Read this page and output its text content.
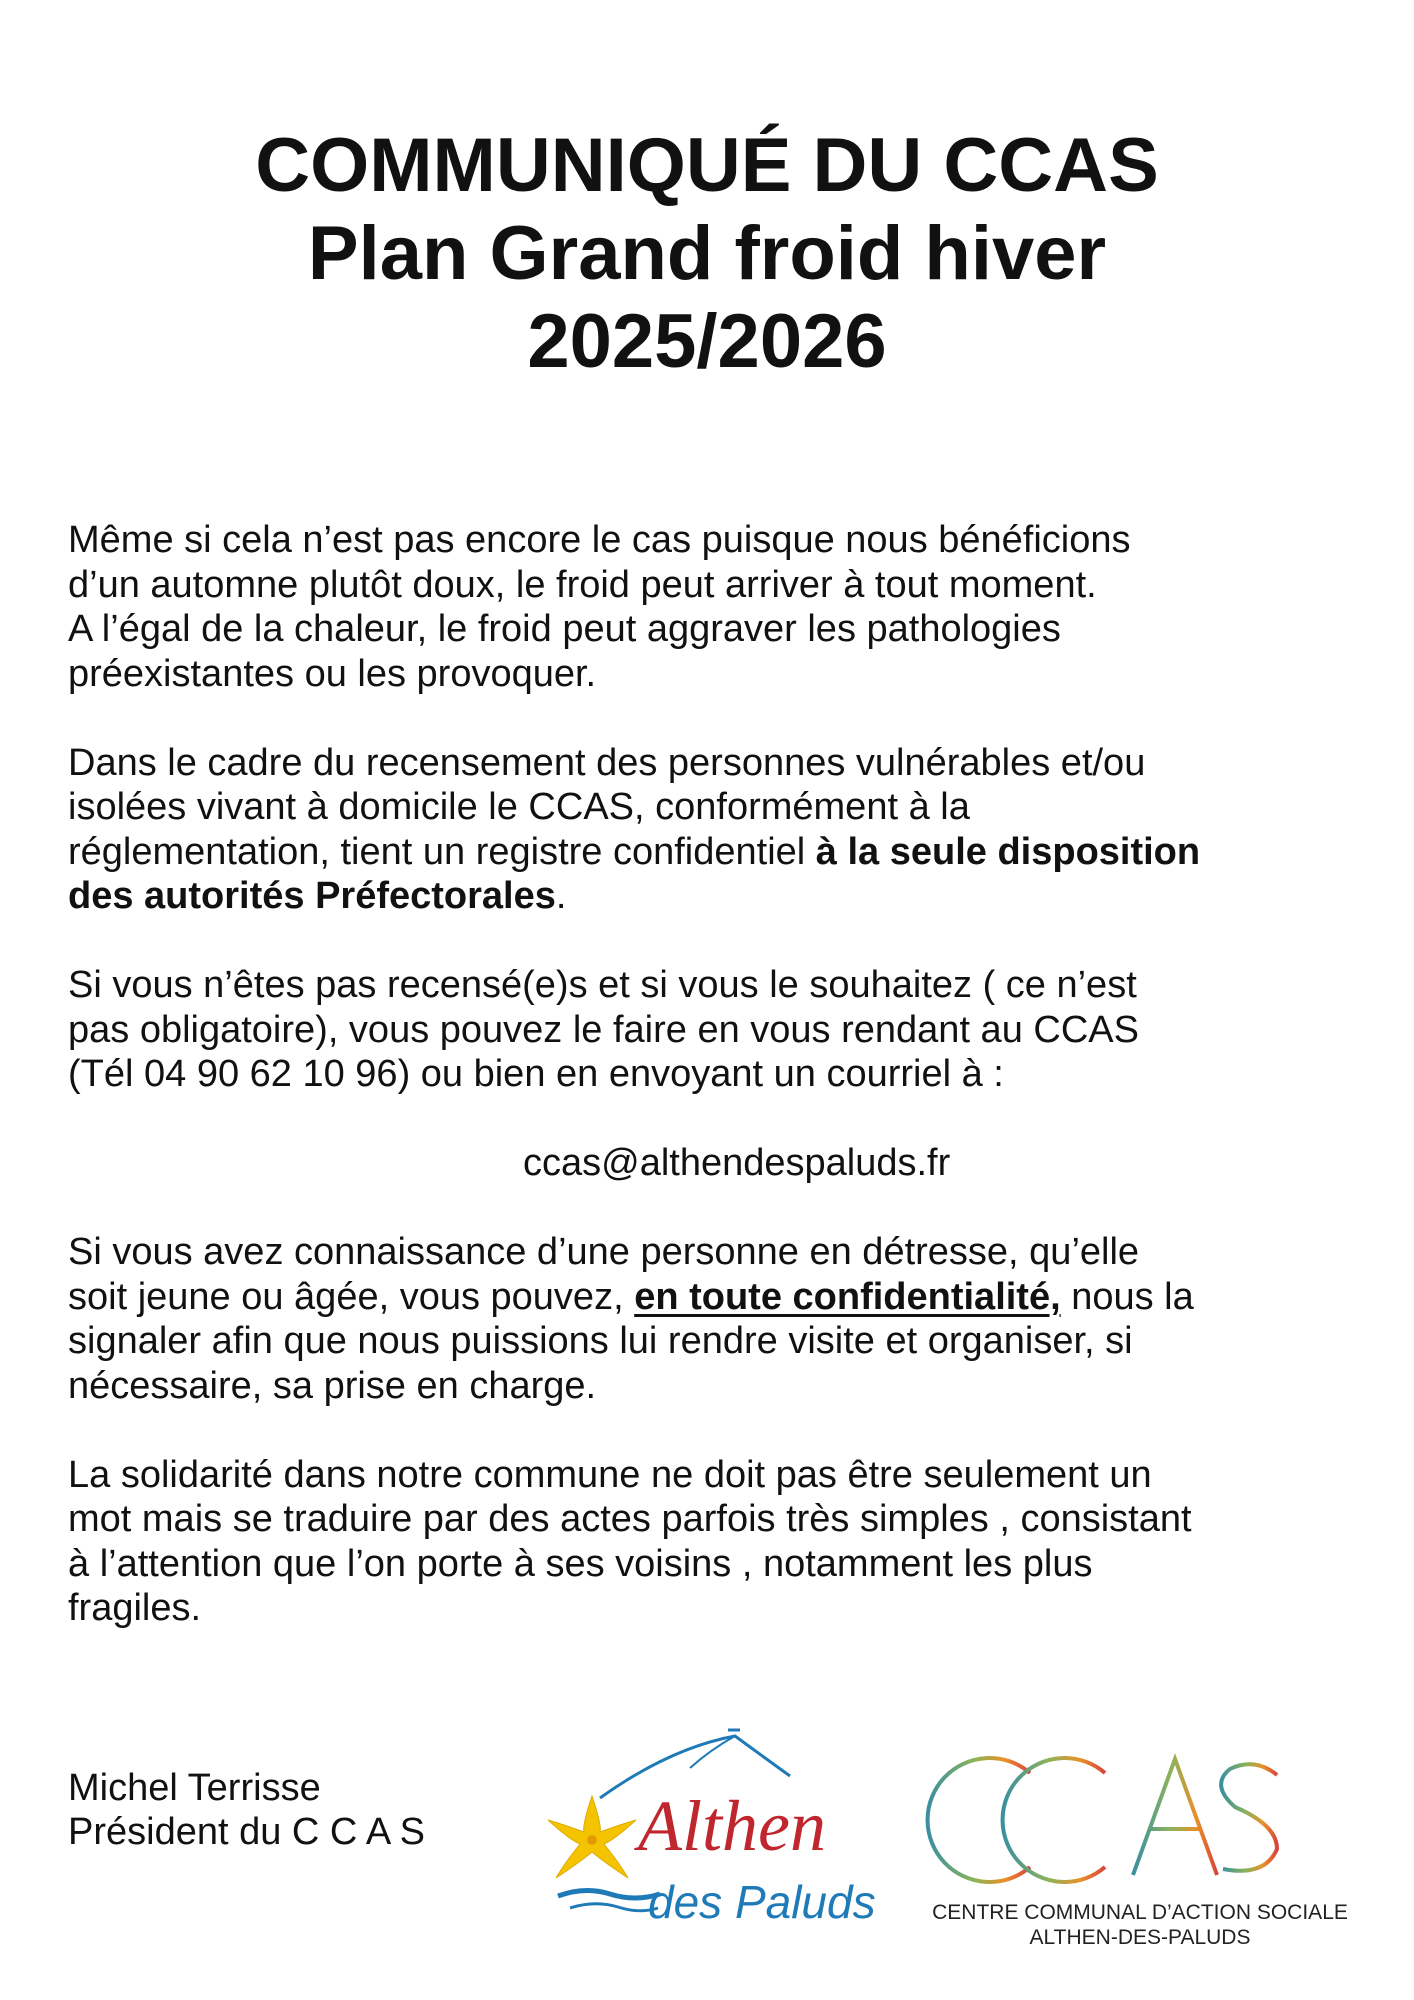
COMMUNIQUÉ DU CCAS
Plan Grand froid hiver
2025/2026

Même si cela n’est pas encore le cas puisque nous bénéficions
d’un automne plutôt doux, le froid peut arriver à tout moment.
A l’égal de la chaleur, le froid peut aggraver les pathologies
préexistantes ou les provoquer.

Dans le cadre du recensement des personnes vulnérables et/ou
isolées vivant à domicile le CCAS, conformément à la
réglementation, tient un registre confidentiel à la seule disposition
des autorités Préfectorales.

Si vous n’êtes pas recensé(e)s et si vous le souhaitez ( ce n’est
pas obligatoire), vous pouvez le faire en vous rendant au CCAS
(Tél 04 90 62 10 96) ou bien en envoyant un courriel à :

ccas@althendespaluds.fr

Si vous avez connaissance d’une personne en détresse, qu’elle
soit jeune ou âgée, vous pouvez, en toute confidentialité, nous la
signaler afin que nous puissions lui rendre visite et organiser, si
nécessaire, sa prise en charge.

La solidarité dans notre commune ne doit pas être seulement un
mot mais se traduire par des actes parfois très simples , consistant
à l’attention que l’on porte à ses voisins , notamment les plus
fragiles.

Michel Terrisse
Président du C C A S	Althen
des Paluds	CENTRE COMMUNAL D’ACTION SOCIALE
ALTHEN-DES-PALUDS
